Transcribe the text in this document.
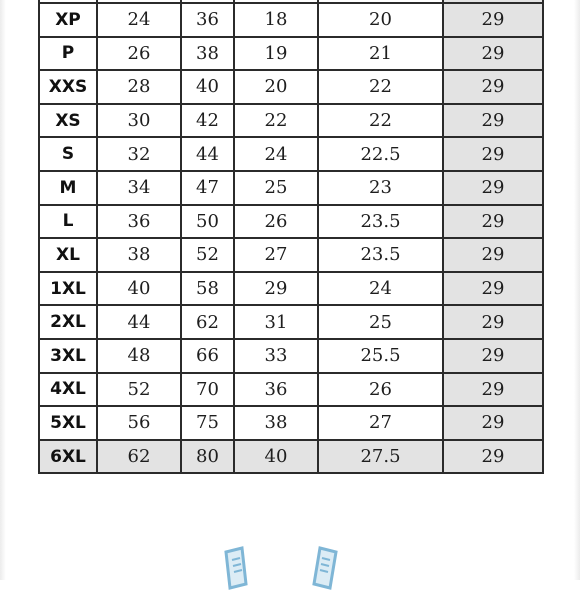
XP	24	36	18	20	29
P	26	38	19	21	29
XXS	28	40	20	22	29
XS	30	42	22	22	29
S	32	44	24	22.5	29
M	34	47	25	23	29
L	36	50	26	23.5	29
XL	38	52	27	23.5	29
1XL	40	58	29	24	29
2XL	44	62	31	25	29
3XL	48	66	33	25.5	29
4XL	52	70	36	26	29
5XL	56	75	38	27	29
6XL	62	80	40	27.5	29
